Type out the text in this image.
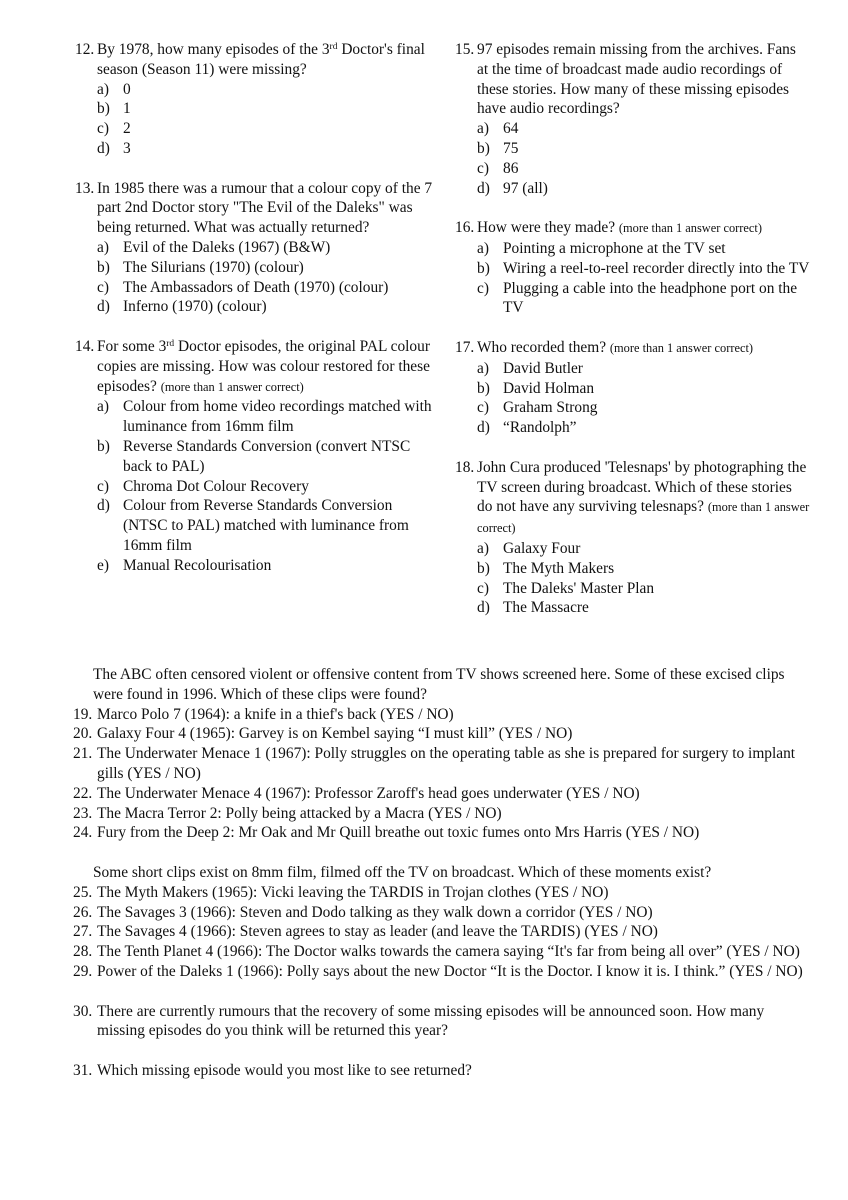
12. By 1978, how many episodes of the 3rd Doctor's final season (Season 11) were missing?
a) 0
b) 1
c) 2
d) 3
13. In 1985 there was a rumour that a colour copy of the 7 part 2nd Doctor story "The Evil of the Daleks" was being returned. What was actually returned?
a) Evil of the Daleks (1967) (B&W)
b) The Silurians (1970) (colour)
c) The Ambassadors of Death (1970) (colour)
d) Inferno (1970) (colour)
14. For some 3rd Doctor episodes, the original PAL colour copies are missing. How was colour restored for these episodes? (more than 1 answer correct)
a) Colour from home video recordings matched with luminance from 16mm film
b) Reverse Standards Conversion (convert NTSC back to PAL)
c) Chroma Dot Colour Recovery
d) Colour from Reverse Standards Conversion (NTSC to PAL) matched with luminance from 16mm film
e) Manual Recolourisation
15. 97 episodes remain missing from the archives. Fans at the time of broadcast made audio recordings of these stories. How many of these missing episodes have audio recordings?
a) 64
b) 75
c) 86
d) 97 (all)
16. How were they made? (more than 1 answer correct)
a) Pointing a microphone at the TV set
b) Wiring a reel-to-reel recorder directly into the TV
c) Plugging a cable into the headphone port on the TV
17. Who recorded them? (more than 1 answer correct)
a) David Butler
b) David Holman
c) Graham Strong
d) “Randolph”
18. John Cura produced 'Telesnaps' by photographing the TV screen during broadcast. Which of these stories do not have any surviving telesnaps? (more than 1 answer correct)
a) Galaxy Four
b) The Myth Makers
c) The Daleks' Master Plan
d) The Massacre
The ABC often censored violent or offensive content from TV shows screened here. Some of these excised clips were found in 1996. Which of these clips were found?
19. Marco Polo 7 (1964): a knife in a thief's back (YES / NO)
20. Galaxy Four 4 (1965): Garvey is on Kembel saying “I must kill” (YES / NO)
21. The Underwater Menace 1 (1967): Polly struggles on the operating table as she is prepared for surgery to implant gills (YES / NO)
22. The Underwater Menace 4 (1967): Professor Zaroff's head goes underwater (YES / NO)
23. The Macra Terror 2: Polly being attacked by a Macra (YES / NO)
24. Fury from the Deep 2: Mr Oak and Mr Quill breathe out toxic fumes onto Mrs Harris (YES / NO)
Some short clips exist on 8mm film, filmed off the TV on broadcast. Which of these moments exist?
25. The Myth Makers (1965): Vicki leaving the TARDIS in Trojan clothes (YES / NO)
26. The Savages 3 (1966): Steven and Dodo talking as they walk down a corridor (YES / NO)
27. The Savages 4 (1966): Steven agrees to stay as leader (and leave the TARDIS) (YES / NO)
28. The Tenth Planet 4 (1966): The Doctor walks towards the camera saying “It's far from being all over” (YES / NO)
29. Power of the Daleks 1 (1966): Polly says about the new Doctor “It is the Doctor. I know it is. I think.” (YES / NO)
30. There are currently rumours that the recovery of some missing episodes will be announced soon. How many missing episodes do you think will be returned this year?
31. Which missing episode would you most like to see returned?
